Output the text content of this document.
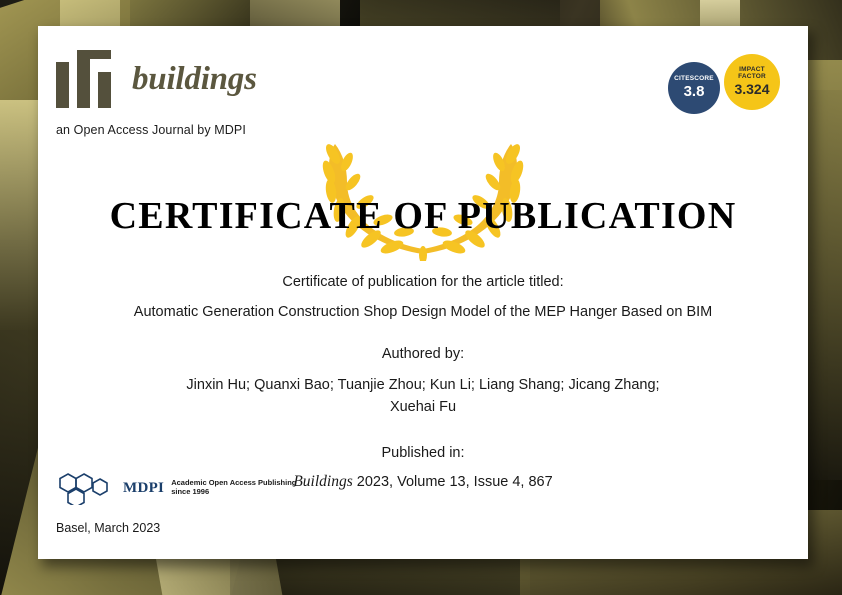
buildings
an Open Access Journal by MDPI
CITESCORE
3.8
IMPACT
FACTOR
3.324
CERTIFICATE OF PUBLICATION
Certificate of publication for the article titled:
Automatic Generation Construction Shop Design Model of the MEP Hanger Based on BIM
Authored by:
Jinxin Hu; Quanxi Bao; Tuanjie Zhou; Kun Li; Liang Shang; Jicang Zhang;
Xuehai Fu
Published in:
Buildings 2023, Volume 13, Issue 4, 867
MDPI Academic Open Access Publishing
since 1996
Basel, March 2023
